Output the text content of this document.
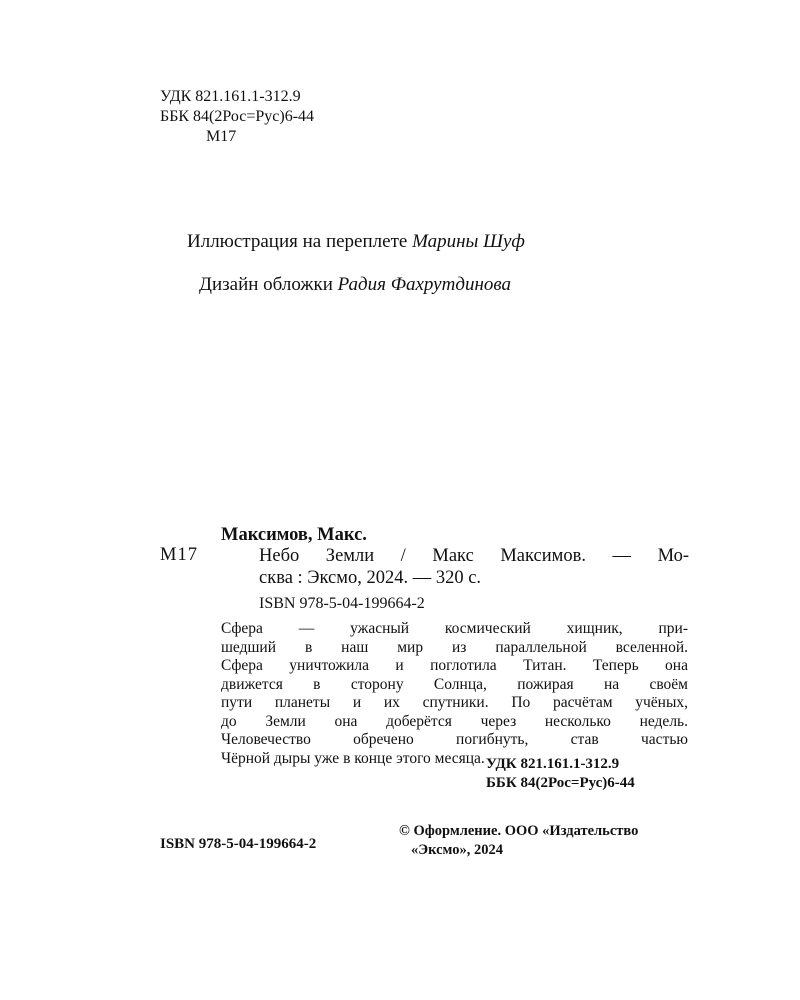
УДК 821.161.1-312.9
ББК 84(2Рос=Рус)6-44
М17
Иллюстрация на переплете Марины Шуф
Дизайн обложки Радия Фахрутдинова
Максимов, Макс.
М17	Небо Земли / Макс Максимов. — Мо-
сква : Эксмо, 2024. — 320 с.
ISBN 978-5-04-199664-2
Сфера — ужасный космический хищник, при-
шедший в наш мир из параллельной вселенной.
Сфера уничтожила и поглотила Титан. Теперь она
движется в сторону Солнца, пожирая на своём
пути планеты и их спутники. По расчётам учёных,
до Земли она доберётся через несколько недель.
Человечество обречено погибнуть, став частью
Чёрной дыры уже в конце этого месяца. УДК 821.161.1-312.9
ББК 84(2Рос=Рус)6-44
ISBN 978-5-04-199664-2
© Оформление. ООО «Издательство
«Эксмо», 2024
